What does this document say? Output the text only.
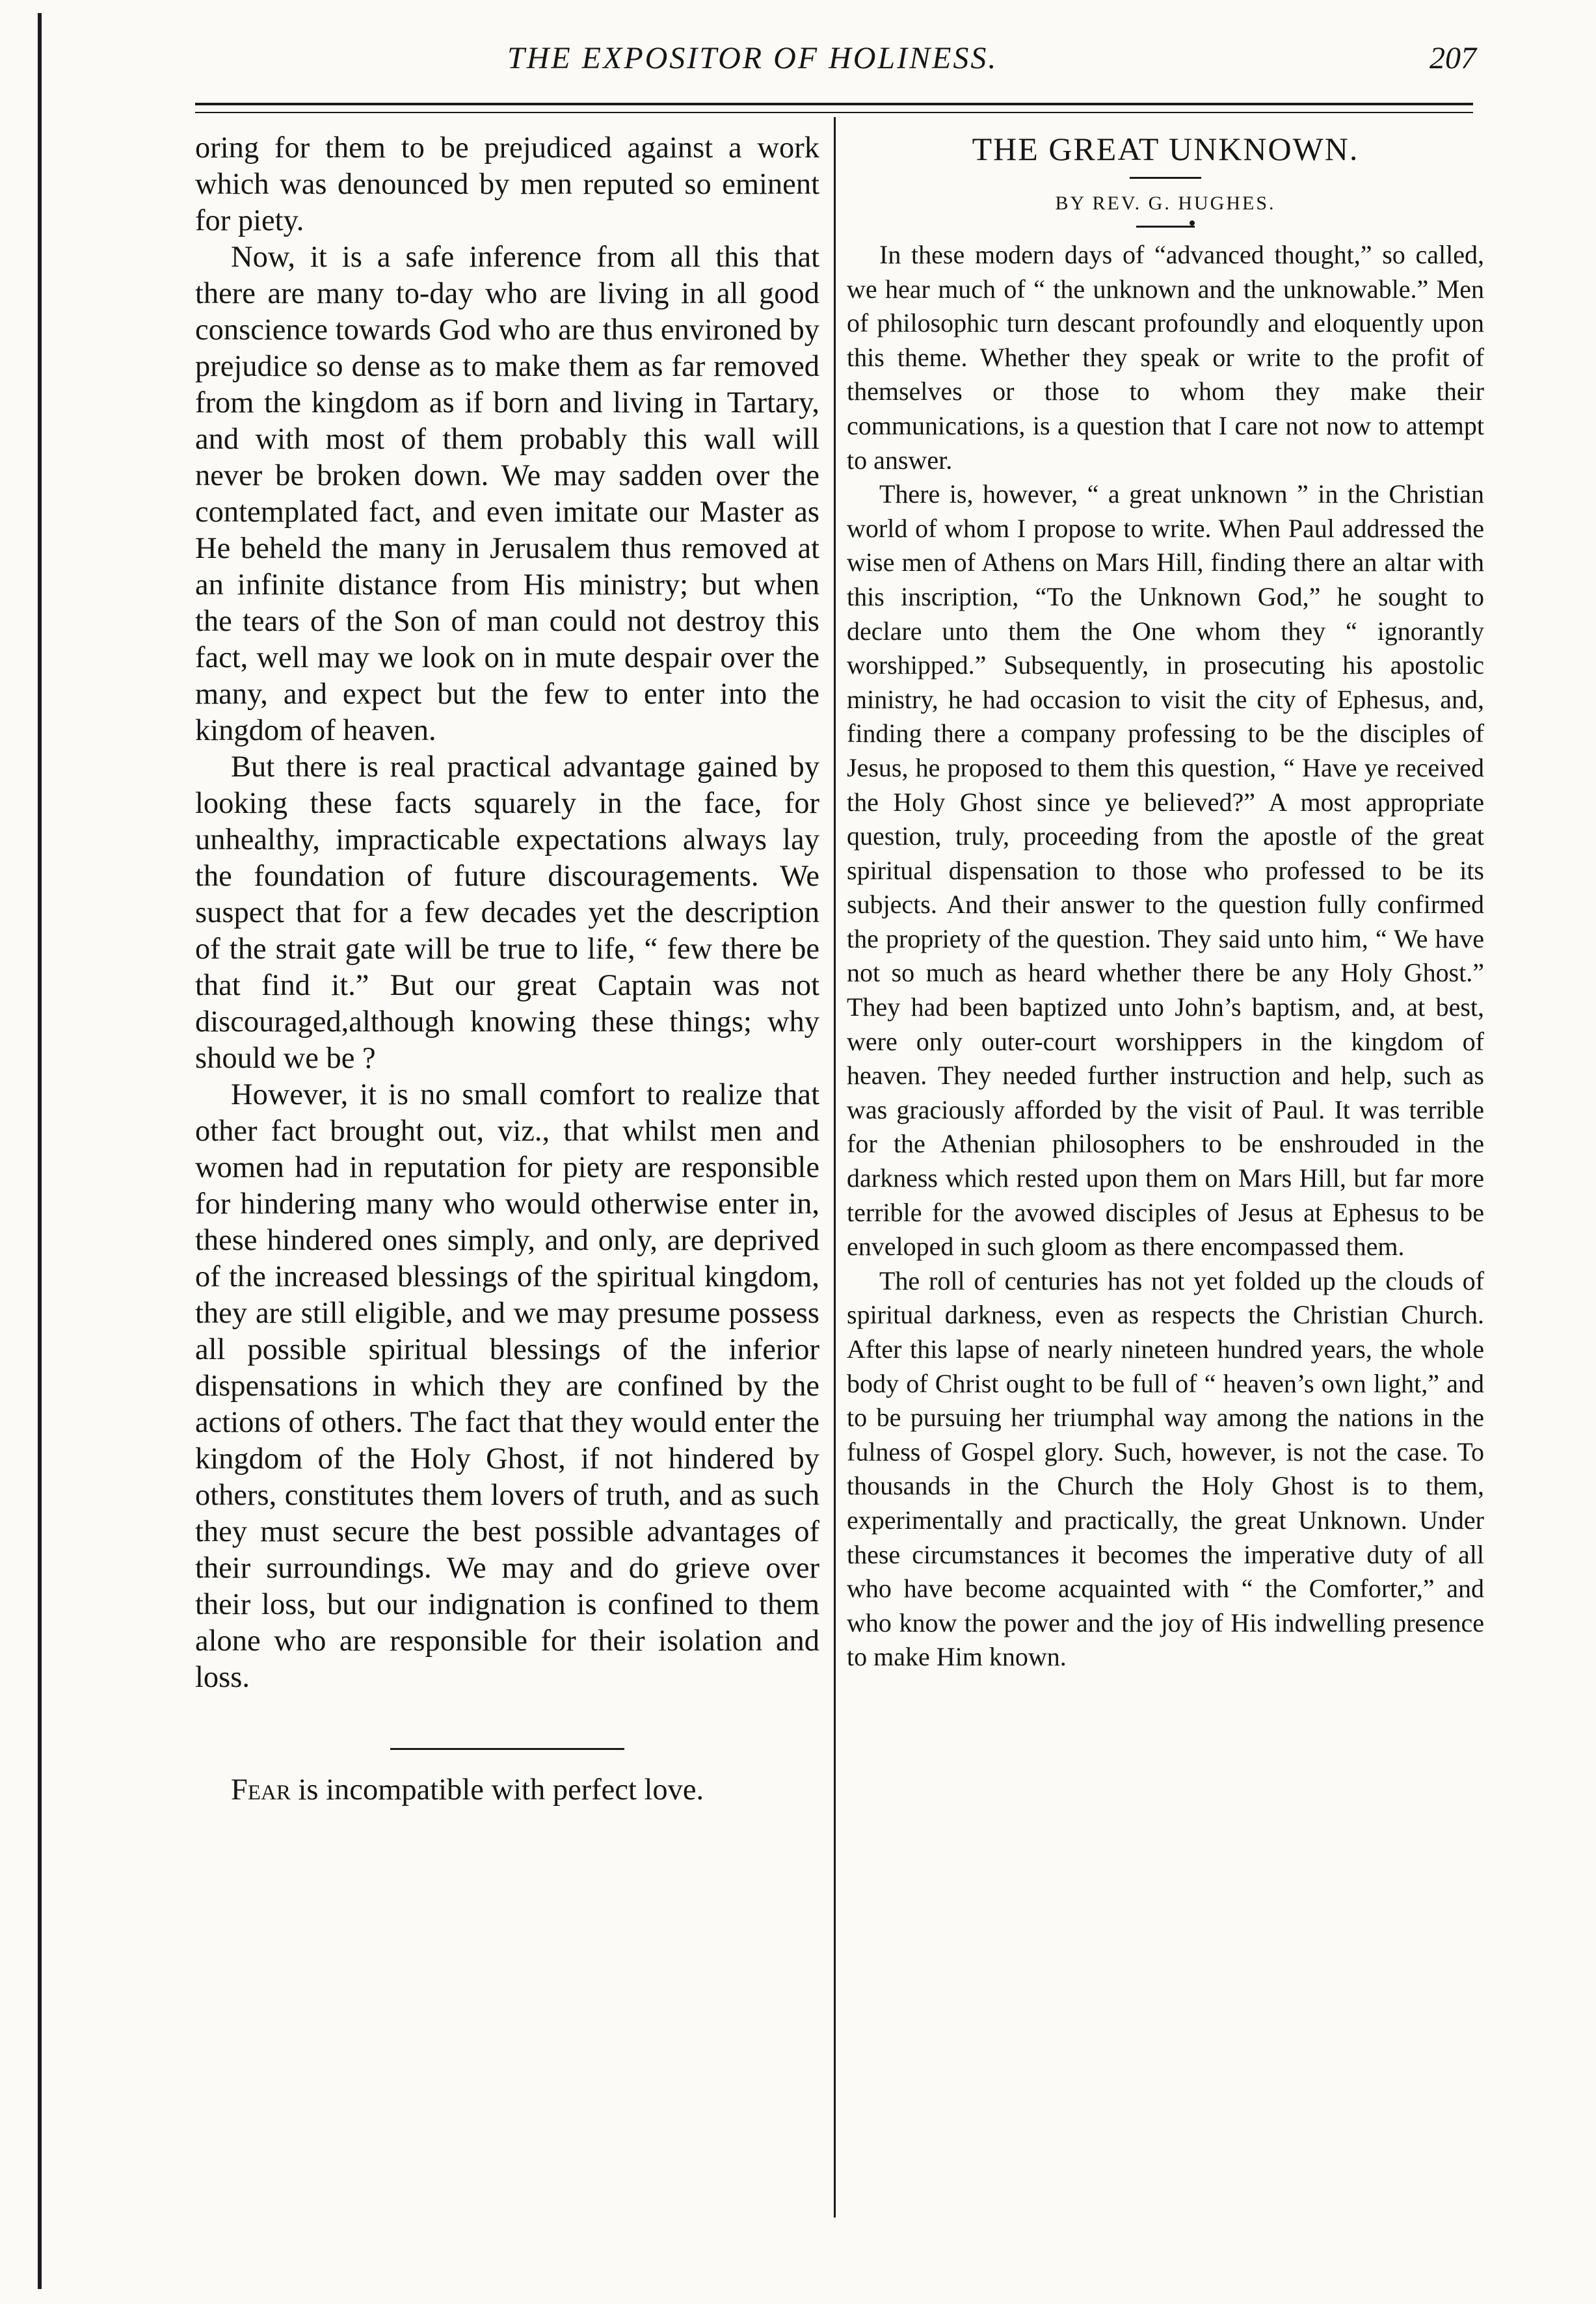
THE EXPOSITOR OF HOLINESS.	207

oring for them to be prejudiced against a work which was denounced by men reputed so eminent for piety.

Now, it is a safe inference from all this that there are many to-day who are living in all good conscience towards God who are thus environed by prejudice so dense as to make them as far removed from the kingdom as if born and living in Tartary, and with most of them probably this wall will never be broken down. We may sadden over the contemplated fact, and even imitate our Master as He beheld the many in Jerusalem thus removed at an infinite distance from His ministry; but when the tears of the Son of man could not destroy this fact, well may we look on in mute despair over the many, and expect but the few to enter into the kingdom of heaven.

But there is real practical advantage gained by looking these facts squarely in the face, for unhealthy, impracticable expectations always lay the foundation of future discouragements. We suspect that for a few decades yet the description of the strait gate will be true to life, “ few there be that find it.” But our great Captain was not discouraged,although knowing these things; why should we be ?

However, it is no small comfort to realize that other fact brought out, viz., that whilst men and women had in reputation for piety are responsible for hindering many who would otherwise enter in, these hindered ones simply, and only, are deprived of the increased blessings of the spiritual kingdom, they are still eligible, and we may presume possess all possible spiritual blessings of the inferior dispensations in which they are confined by the actions of others. The fact that they would enter the kingdom of the Holy Ghost, if not hindered by others, constitutes them lovers of truth, and as such they must secure the best possible advantages of their surroundings. We may and do grieve over their loss, but our indignation is confined to them alone who are responsible for their isolation and loss.

Fear is incompatible with perfect love.

THE GREAT UNKNOWN.
BY REV. G. HUGHES.

In these modern days of “advanced thought,” so called, we hear much of “ the unknown and the unknowable.” Men of philosophic turn descant profoundly and eloquently upon this theme. Whether they speak or write to the profit of themselves or those to whom they make their communications, is a question that I care not now to attempt to answer.

There is, however, “ a great unknown ” in the Christian world of whom I propose to write. When Paul addressed the wise men of Athens on Mars Hill, finding there an altar with this inscription, “To the Unknown God,” he sought to declare unto them the One whom they “ ignorantly worshipped.” Subsequently, in prosecuting his apostolic ministry, he had occasion to visit the city of Ephesus, and, finding there a company professing to be the disciples of Jesus, he proposed to them this question, “ Have ye received the Holy Ghost since ye believed?” A most appropriate question, truly, proceeding from the apostle of the great spiritual dispensation to those who professed to be its subjects. And their answer to the question fully confirmed the propriety of the question. They said unto him, “ We have not so much as heard whether there be any Holy Ghost.” They had been baptized unto John’s baptism, and, at best, were only outer-court worshippers in the kingdom of heaven. They needed further instruction and help, such as was graciously afforded by the visit of Paul. It was terrible for the Athenian philosophers to be enshrouded in the darkness which rested upon them on Mars Hill, but far more terrible for the avowed disciples of Jesus at Ephesus to be enveloped in such gloom as there encompassed them.

The roll of centuries has not yet folded up the clouds of spiritual darkness, even as respects the Christian Church. After this lapse of nearly nineteen hundred years, the whole body of Christ ought to be full of “ heaven’s own light,” and to be pursuing her triumphal way among the nations in the fulness of Gospel glory. Such, however, is not the case. To thousands in the Church the Holy Ghost is to them, experimentally and practically, the great Unknown. Under these circumstances it becomes the imperative duty of all who have become acquainted with “ the Comforter,” and who know the power and the joy of His indwelling presence to make Him known.
